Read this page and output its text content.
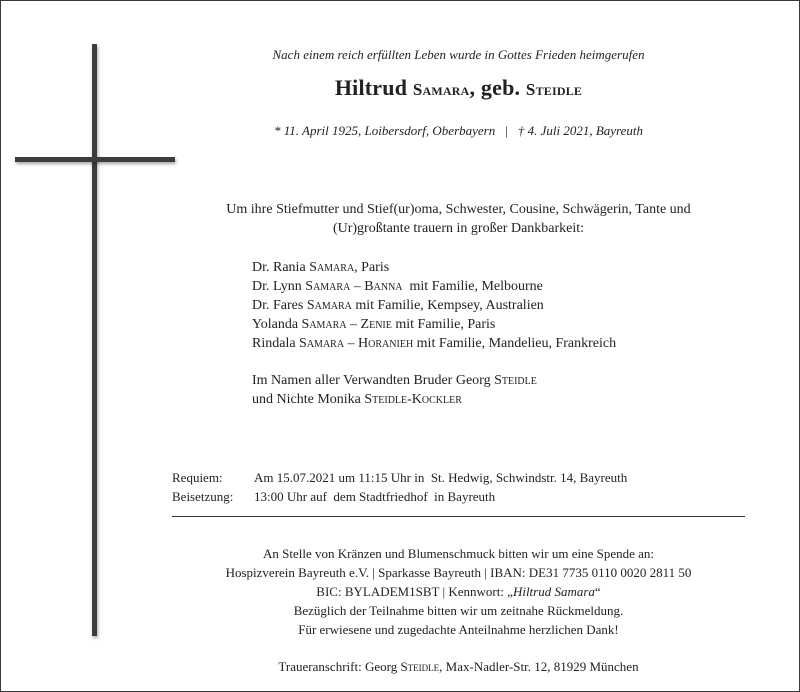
Nach einem reich erfüllten Leben wurde in Gottes Frieden heimgerufen
Hiltrud Samara, geb. Steidle
* 11. April 1925, Loibersdorf, Oberbayern | † 4. Juli 2021, Bayreuth
Um ihre Stiefmutter und Stief(ur)oma, Schwester, Cousine, Schwägerin, Tante und
(Ur)großtante trauern in großer Dankbarkeit:
Dr. Rania Samara, Paris
Dr. Lynn Samara – Banna  mit Familie, Melbourne
Dr. Fares Samara mit Familie, Kempsey, Australien
Yolanda Samara – Zenie mit Familie, Paris
Rindala Samara – Horanieh mit Familie, Mandelieu, Frankreich
Im Namen aller Verwandten Bruder Georg Steidle
und Nichte Monika Steidle-Kockler
Requiem:	Am 15.07.2021 um 11:15 Uhr in  St. Hedwig, Schwindstr. 14, Bayreuth
Beisetzung:	13:00 Uhr auf  dem Stadtfriedhof  in Bayreuth
An Stelle von Kränzen und Blumenschmuck bitten wir um eine Spende an:
Hospizverein Bayreuth e.V. | Sparkasse Bayreuth | IBAN: DE31 7735 0110 0020 2811 50
BIC: BYLADEM1SBT | Kennwort: „Hiltrud Samara“
Bezüglich der Teilnahme bitten wir um zeitnahe Rückmeldung.
Für erwiesene und zugedachte Anteilnahme herzlichen Dank!
Traueranschrift: Georg Steidle, Max-Nadler-Str. 12, 81929 München
